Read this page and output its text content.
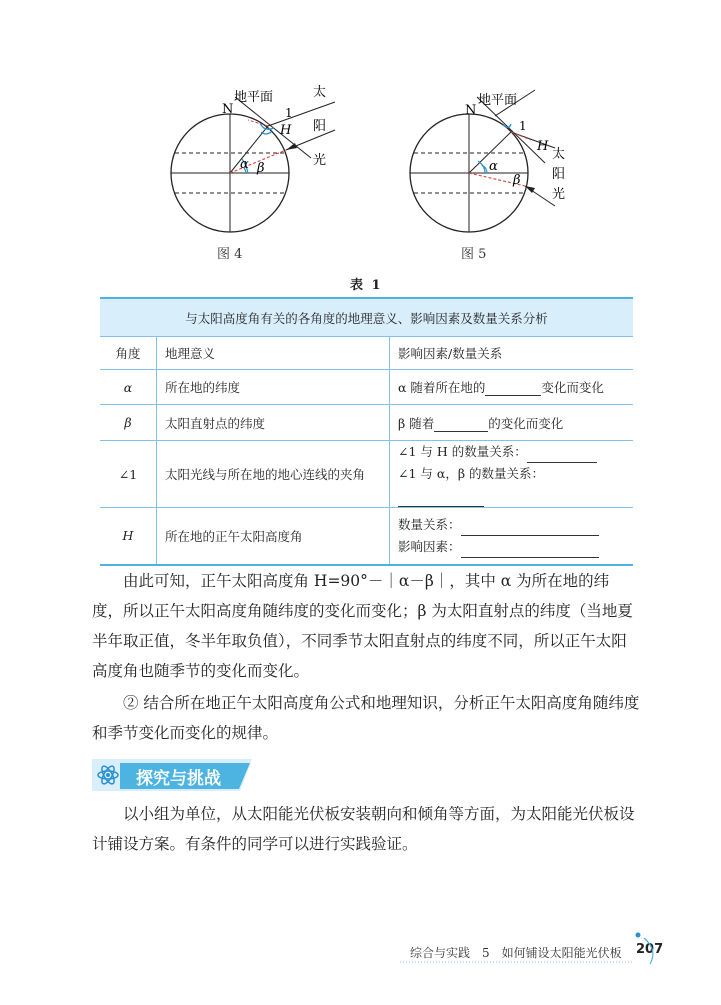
N
地平面
1
H
α β
太
阳
光
图 4
N
地平面
1
H
α
β
太
阳
光
图 5
表 1
与太阳高度角有关的各角度的地理意义、影响因素及数量关系分析		
角度	地理意义	影响因素/数量关系
α	所在地的纬度	α 随着所在地的 变化而变化
β	太阳直射点的纬度	β 随着 的变化而变化
∠1	太阳光线与所在地的地心连线的夹角	∠1 与 H 的数量关系：
∠1 与 α，β 的数量关系：

H	所在地的正午太阳高度角	数量关系：
影响因素：
由此可知，正午太阳高度角 H=90°－｜α－β｜，其中 α 为所在地的纬度，所以正午太阳高度角随纬度的变化而变化；β 为太阳直射点的纬度（当地夏半年取正值，冬半年取负值），不同季节太阳直射点的纬度不同，所以正午太阳高度角也随季节的变化而变化。
② 结合所在地正午太阳高度角公式和地理知识，分析正午太阳高度角随纬度和季节变化而变化的规律。
探究与挑战
以小组为单位，从太阳能光伏板安装朝向和倾角等方面，为太阳能光伏板设计铺设方案。有条件的同学可以进行实践验证。
综合与实践　5　如何铺设太阳能光伏板 207
